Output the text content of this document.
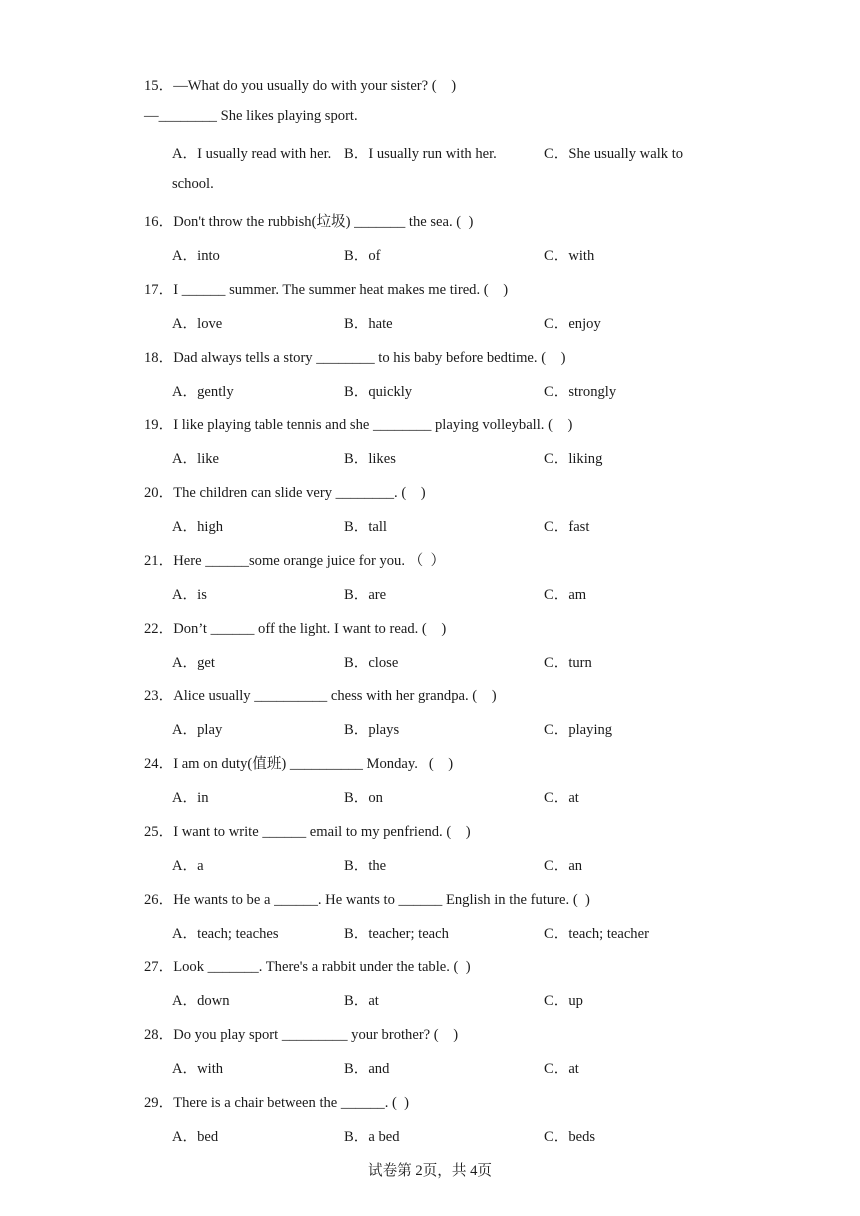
15．—What do you usually do with your sister? (    )
—________ She likes playing sport.
A．I usually read with her. B．I usually run with her.	C．She usually walk to
school.
16．Don't throw the rubbish(垃圾) _______ the sea. (  )
A．into	B．of	C．with
17．I ______ summer. The summer heat makes me tired. (    )
A．love	B．hate	C．enjoy
18．Dad always tells a story ________ to his baby before bedtime. (    )
A．gently	B．quickly	C．strongly
19．I like playing table tennis and she ________ playing volleyball. (    )
A．like	B．likes	C．liking
20．The children can slide very ________. (    )
A．high	B．tall	C．fast
21．Here ______some orange juice for you. （  ）
A．is	B．are	C．am
22．Don’t ______ off the light. I want to read. (    )
A．get	B．close	C．turn
23．Alice usually __________ chess with her grandpa. (    )
A．play	B．plays	C．playing
24．I am on duty(值班) __________ Monday.   (    )
A．in	B．on	C．at
25．I want to write ______ email to my penfriend. (    )
A．a	B．the	C．an
26．He wants to be a ______. He wants to ______ English in the future. (  )
A．teach; teaches	B．teacher; teach	C．teach; teacher
27．Look _______. There's a rabbit under the table. (  )
A．down	B．at	C．up
28．Do you play sport _________ your brother? (    )
A．with	B．and	C．at
29．There is a chair between the ______. (  )
A．bed	B．a bed	C．beds
试卷第 2页，共 4页
